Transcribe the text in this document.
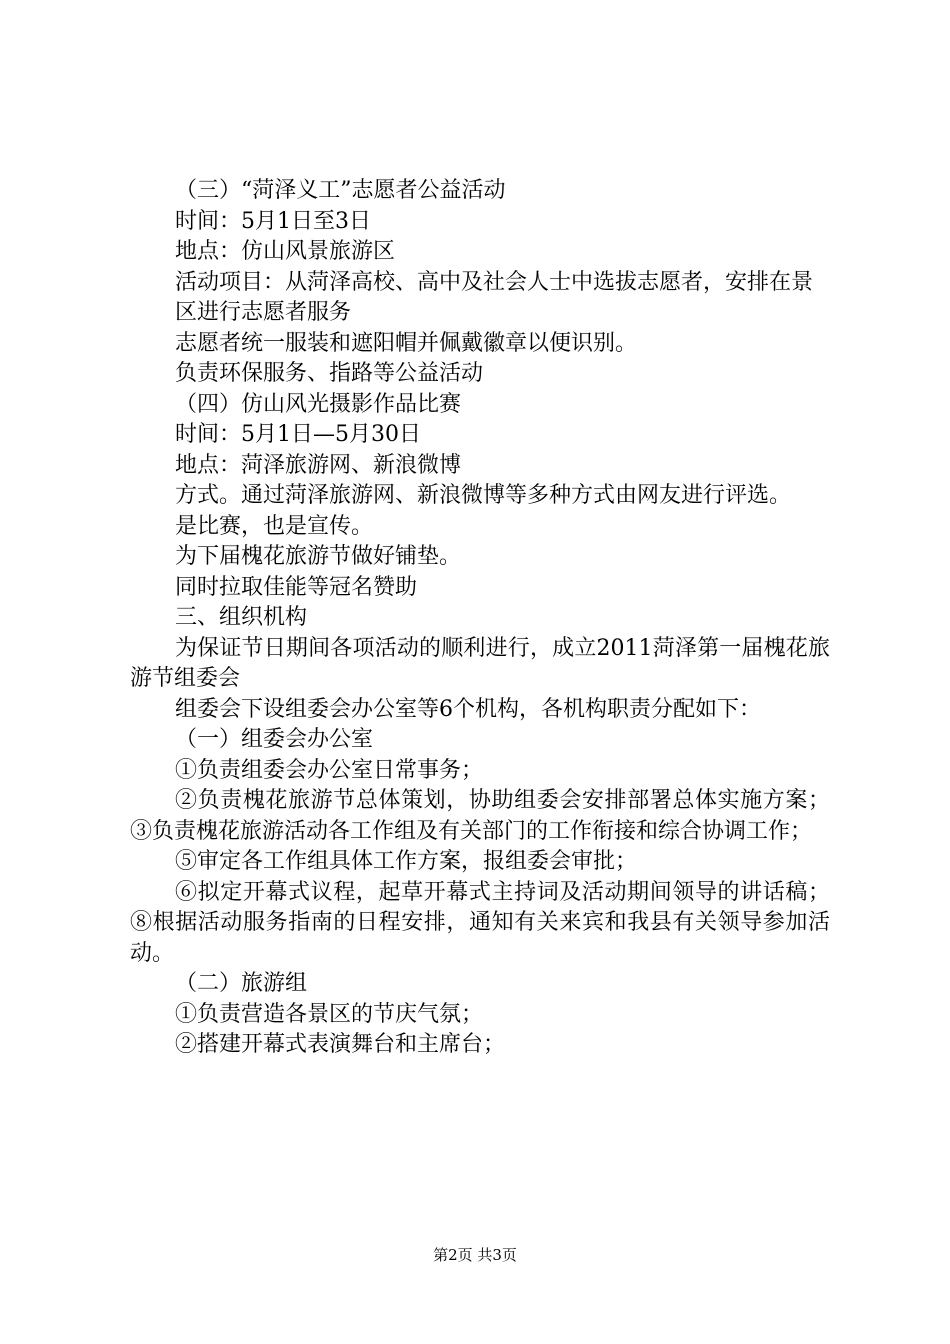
（三）“菏泽义工”志愿者公益活动

时间：5月1日至3日

地点：仿山风景旅游区

活动项目：从菏泽高校、高中及社会人士中选拔志愿者，安排在景

区进行志愿者服务

志愿者统一服装和遮阳帽并佩戴徽章以便识别。

负责环保服务、指路等公益活动

（四）仿山风光摄影作品比赛

时间：5月1日—5月30日

地点：菏泽旅游网、新浪微博

方式。通过菏泽旅游网、新浪微博等多种方式由网友进行评选。

是比赛，也是宣传。

为下届槐花旅游节做好铺垫。

同时拉取佳能等冠名赞助

三、组织机构

为保证节日期间各项活动的顺利进行，成立2011菏泽第一届槐花旅游节组委会

组委会下设组委会办公室等6个机构，各机构职责分配如下：

（一）组委会办公室

①负责组委会办公室日常事务；

②负责槐花旅游节总体策划，协助组委会安排部署总体实施方案；③负责槐花旅游活动各工作组及有关部门的工作衔接和综合协调工作；

⑤审定各工作组具体工作方案，报组委会审批；

⑥拟定开幕式议程，起草开幕式主持词及活动期间领导的讲话稿；⑧根据活动服务指南的日程安排，通知有关来宾和我县有关领导参加活动。

（二）旅游组

①负责营造各景区的节庆气氛；

②搭建开幕式表演舞台和主席台；

第2页 共3页
